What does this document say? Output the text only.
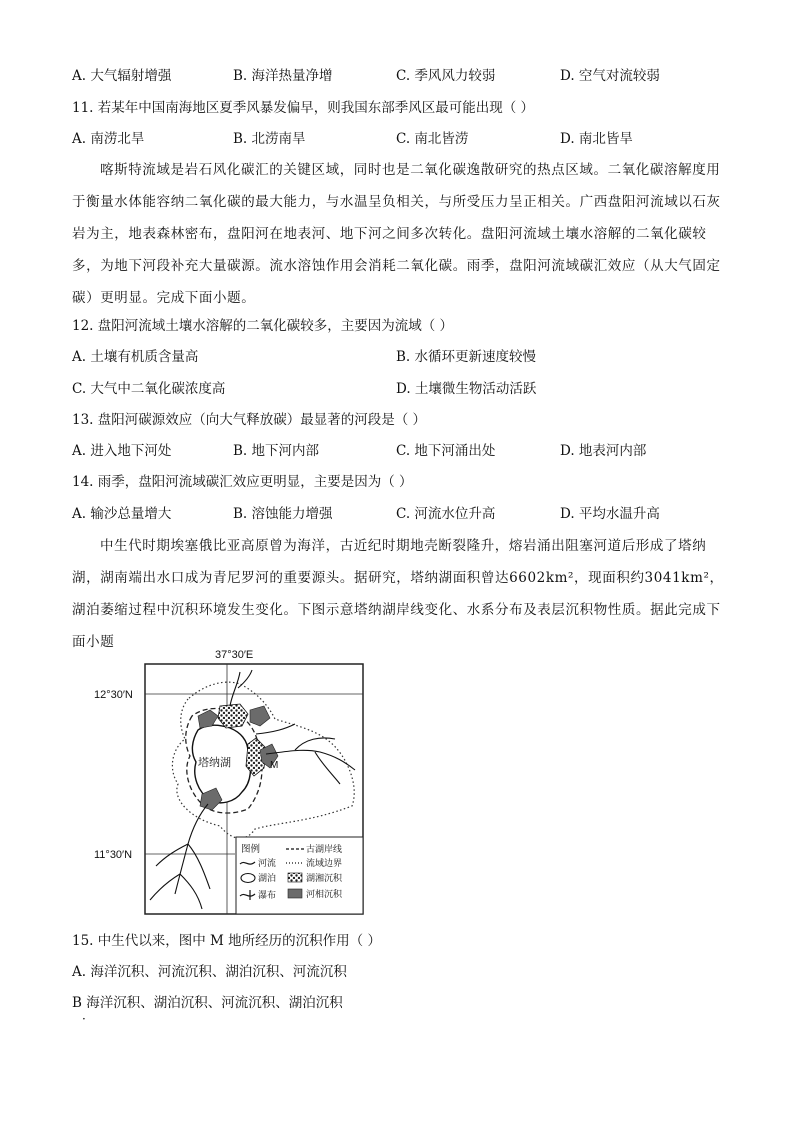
A. 大气辐射增强	B. 海洋热量净增	C. 季风风力较弱	D. 空气对流较弱
11. 若某年中国南海地区夏季风暴发偏早，则我国东部季风区最可能出现（ ）
A. 南涝北旱	B. 北涝南旱	C. 南北皆涝	D. 南北皆旱
喀斯特流域是岩石风化碳汇的关键区域，同时也是二氧化碳逸散研究的热点区域。二氧化碳溶解度用于衡量水体能容纳二氧化碳的最大能力，与水温呈负相关，与所受压力呈正相关。广西盘阳河流域以石灰岩为主，地表森林密布，盘阳河在地表河、地下河之间多次转化。盘阳河流域土壤水溶解的二氧化碳较多，为地下河段补充大量碳源。流水溶蚀作用会消耗二氧化碳。雨季，盘阳河流域碳汇效应（从大气固定碳）更明显。完成下面小题。
12. 盘阳河流域土壤水溶解的二氧化碳较多，主要因为流域（ ）
A. 土壤有机质含量高	B. 水循环更新速度较慢
C. 大气中二氧化碳浓度高	D. 土壤微生物活动活跃
13. 盘阳河碳源效应（向大气释放碳）最显著的河段是（ ）
A. 进入地下河处	B. 地下河内部	C. 地下河涌出处	D. 地表河内部
14. 雨季，盘阳河流域碳汇效应更明显，主要是因为（ ）
A. 输沙总量增大	B. 溶蚀能力增强	C. 河流水位升高	D. 平均水温升高
中生代时期埃塞俄比亚高原曾为海洋，古近纪时期地壳断裂隆升，熔岩涌出阻塞河道后形成了塔纳湖，湖南端出水口成为青尼罗河的重要源头。据研究，塔纳湖面积曾达6602km²，现面积约3041km²，湖泊萎缩过程中沉积环境发生变化。下图示意塔纳湖岸线变化、水系分布及表层沉积物性质。据此完成下面小题
37°30′E
12°30′N
11°30′N
塔纳湖	M
图例	古湖岸线
河流	流域边界
湖泊	湖湘沉积
瀑布	河相沉积
15. 中生代以来，图中 M 地所经历的沉积作用（ ）
A. 海洋沉积、河流沉积、湖泊沉积、河流沉积
B 海洋沉积、湖泊沉积、河流沉积、湖泊沉积
·
